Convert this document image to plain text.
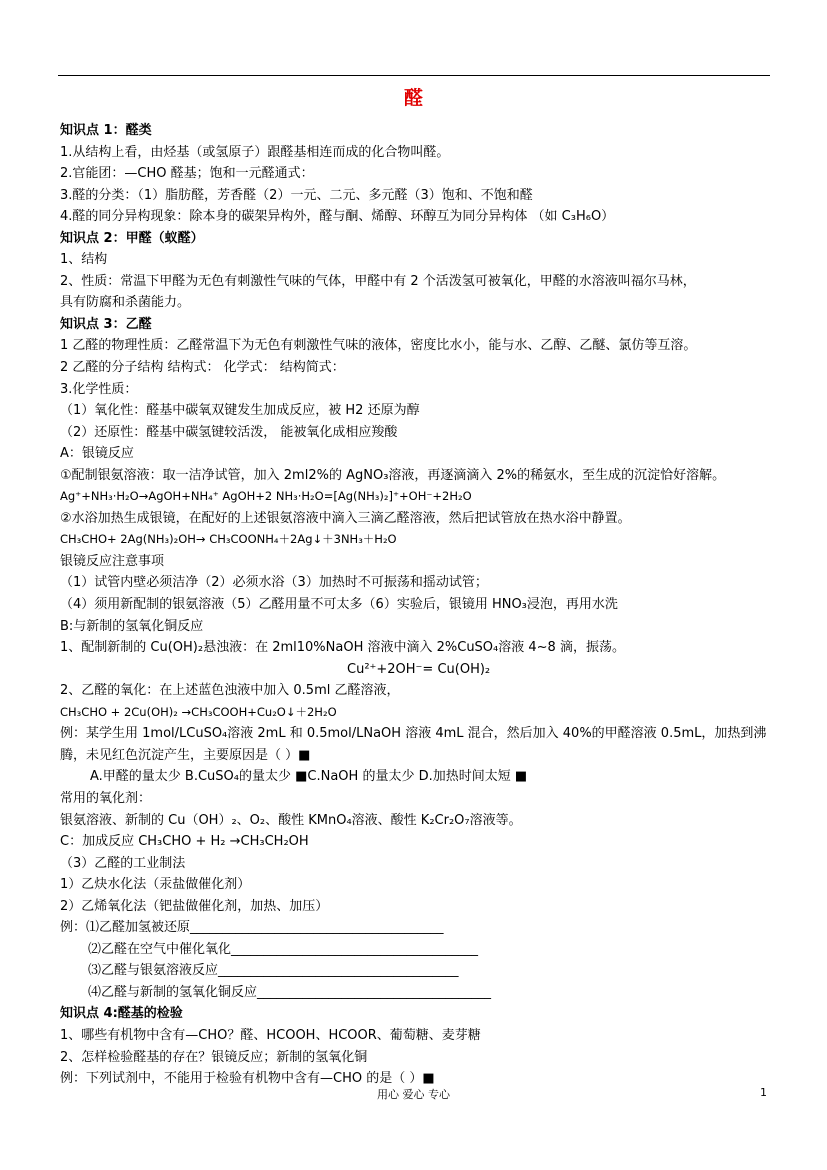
醛
知识点 1：醛类
1.从结构上看，由烃基（或氢原子）跟醛基相连而成的化合物叫醛。
2.官能团：—CHO 醛基；饱和一元醛通式：
3.醛的分类：（1）脂肪醛，芳香醛（2）一元、二元、多元醛（3）饱和、不饱和醛
4.醛的同分异构现象：除本身的碳架异构外，醛与酮、烯醇、环醇互为同分异构体 （如 C₃H₆O）
知识点 2：甲醛（蚁醛）
1、结构
2、性质：常温下甲醛为无色有刺激性气味的气体，甲醛中有 2 个活泼氢可被氧化，甲醛的水溶液叫福尔马林，
具有防腐和杀菌能力。
知识点 3：乙醛
1 乙醛的物理性质：乙醛常温下为无色有刺激性气味的液体，密度比水小，能与水、乙醇、乙醚、氯仿等互溶。
2 乙醛的分子结构 结构式： 化学式： 结构简式：
3.化学性质：
（1）氧化性：醛基中碳氧双键发生加成反应，被 H2 还原为醇
（2）还原性：醛基中碳氢键较活泼， 能被氧化成相应羧酸
A：银镜反应
①配制银氨溶液：取一洁净试管，加入 2ml2%的 AgNO₃溶液，再逐滴滴入 2%的稀氨水，至生成的沉淀恰好溶解。
Ag⁺+NH₃·H₂O→AgOH+NH₄⁺ AgOH+2 NH₃·H₂O=[Ag(NH₃)₂]⁺+OH⁻+2H₂O
②水浴加热生成银镜，在配好的上述银氨溶液中滴入三滴乙醛溶液，然后把试管放在热水浴中静置。
CH₃CHO+ 2Ag(NH₃)₂OH→ CH₃COONH₄＋2Ag↓＋3NH₃＋H₂O
银镜反应注意事项
（1）试管内壁必须洁净（2）必须水浴（3）加热时不可振荡和摇动试管；
（4）须用新配制的银氨溶液（5）乙醛用量不可太多（6）实验后，银镜用 HNO₃浸泡，再用水洗
B:与新制的氢氧化铜反应
1、配制新制的 Cu(OH)₂悬浊液：在 2ml10%NaOH 溶液中滴入 2%CuSO₄溶液 4~8 滴，振荡。
Cu²⁺+2OH⁻= Cu(OH)₂
2、乙醛的氧化：在上述蓝色浊液中加入 0.5ml 乙醛溶液，
CH₃CHO + 2Cu(OH)₂ →CH₃COOH+Cu₂O↓＋2H₂O
例：某学生用 1mol/LCuSO₄溶液 2mL 和 0.5mol/LNaOH 溶液 4mL 混合，然后加入 40%的甲醛溶液 0.5mL，加热到沸
腾，未见红色沉淀产生，主要原因是（ ）■
A.甲醛的量太少 B.CuSO₄的量太少 ■C.NaOH 的量太少 D.加热时间太短 ■
常用的氧化剂：
银氨溶液、新制的 Cu（OH）₂、O₂、酸性 KMnO₄溶液、酸性 K₂Cr₂O₇溶液等。
C：加成反应 CH₃CHO + H₂ →CH₃CH₂OH
（3）乙醛的工业制法
1）乙炔水化法（汞盐做催化剂）
2）乙烯氧化法（钯盐做催化剂，加热、加压）
例：⑴乙醛加氢被还原_______________________________________
⑵乙醛在空气中催化氧化______________________________________
⑶乙醛与银氨溶液反应_____________________________________
⑷乙醛与新制的氢氧化铜反应____________________________________
知识点 4:醛基的检验
1、哪些有机物中含有—CHO？醛、HCOOH、HCOOR、葡萄糖、麦芽糖
2、怎样检验醛基的存在？银镜反应；新制的氢氧化铜
例：下列试剂中，不能用于检验有机物中含有—CHO 的是（ ）■
用心 爱心 专心	1
